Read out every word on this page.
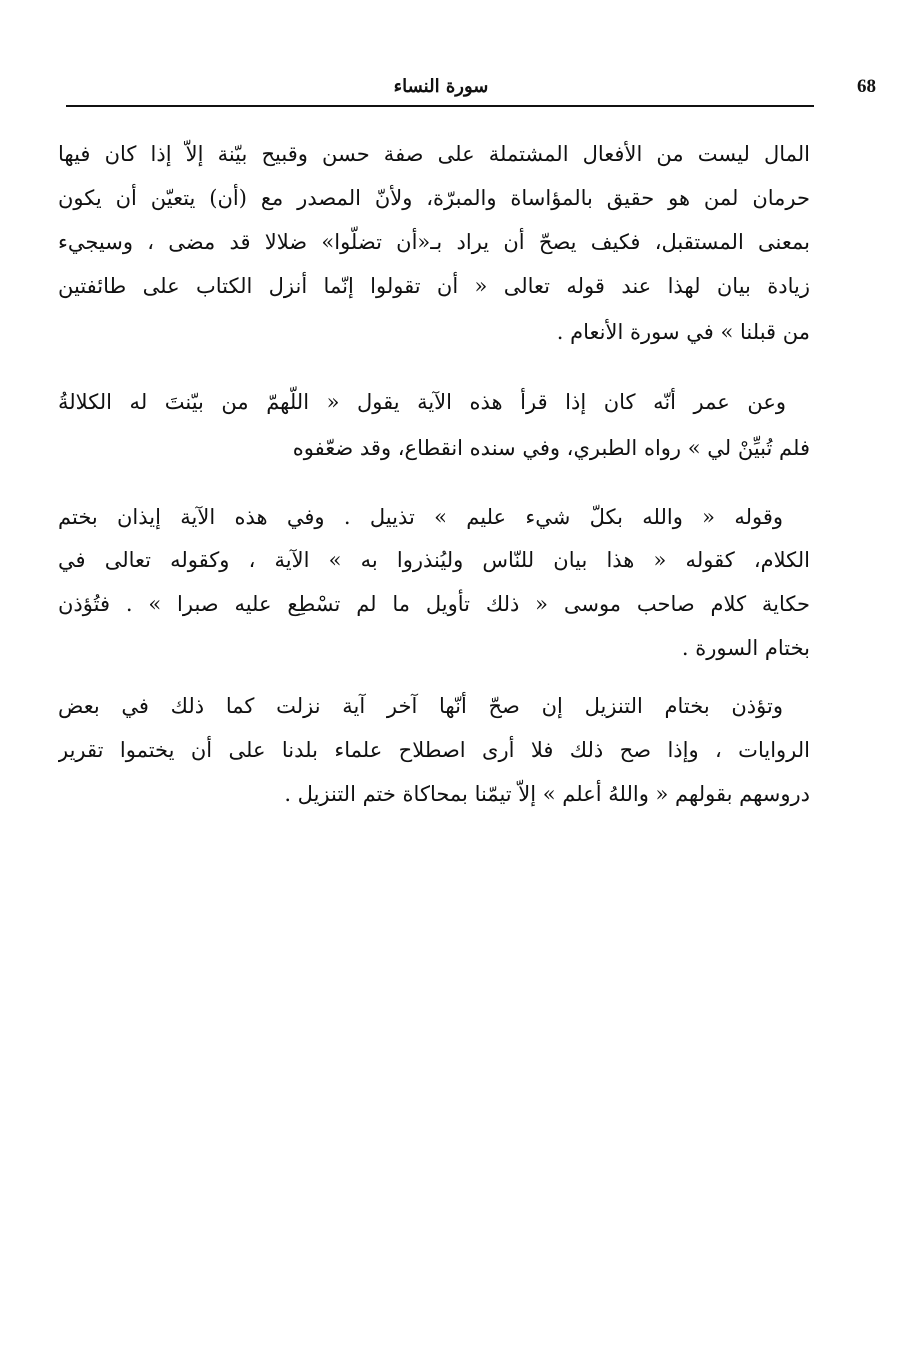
68
سورة النساء
المال ليست من الأفعال المشتملة على صفة حسن وقبيح بيّنة إلاّ إذا كان فيها
حرمان لمن هو حقيق بالمؤاساة والمبرّة، ولأنّ المصدر مع (أن) يتعيّن أن يكون
بمعنى المستقبل، فكيف يصحّ أن يراد بـ«أن تضلّوا» ضلالا قد مضى ، وسيجيء
زيادة بيان لهذا عند قوله تعالى « أن تقولوا إنّما أنزل الكتاب على طائفتين
من قبلنا » في سورة الأنعام .
وعن عمر أنّه كان إذا قرأ هذه الآية يقول « اللّهمّ من بيّنتَ له الكلالةُ
فلم تُبيِّنْ لي » رواه الطبري، وفي سنده انقطاع، وقد ضعّفوه
وقوله « والله بكلّ شيء عليم » تذييل . وفي هذه الآية إيذان بختم
الكلام، كقوله « هذا بيان للنّاس وليُنذروا به » الآية ، وكقوله تعالى في
حكاية كلام صاحب موسى « ذلك تأويل ما لم تسْطِع عليه صبرا » . فتُؤذن
بختام السورة .
وتؤذن بختام التنزيل إن صحّ أنّها آخر آية نزلت كما ذلك في بعض
الروايات ، وإذا صح ذلك فلا أرى اصطلاح علماء بلدنا على أن يختموا تقرير
دروسهم بقولهم « واللهُ أعلم » إلاّ تيمّنا بمحاكاة ختم التنزيل .
